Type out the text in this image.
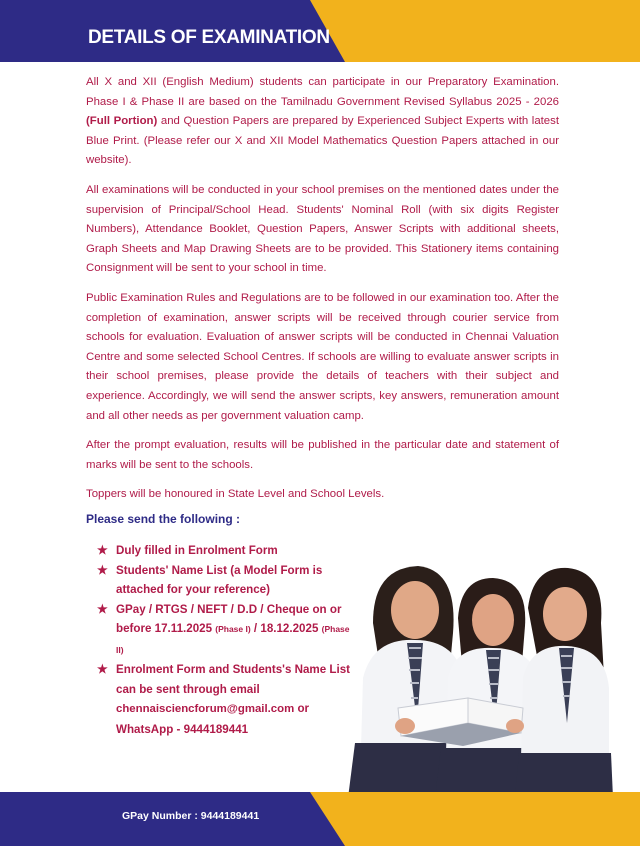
DETAILS OF EXAMINATION

All X and XII (English Medium) students can participate in our Preparatory Examination. Phase I & Phase II are based on the Tamilnadu Government Revised Syllabus 2025 - 2026 (Full Portion) and Question Papers are prepared by Experienced Subject Experts with latest Blue Print. (Please refer our X and XII Model Mathematics Question Papers attached in our website).

All examinations will be conducted in your school premises on the mentioned dates under the supervision of Principal/School Head. Students' Nominal Roll (with six digits Register Numbers), Attendance Booklet, Question Papers, Answer Scripts with additional sheets, Graph Sheets and Map Drawing Sheets are to be provided. This Stationery items containing Consignment will be sent to your school in time.

Public Examination Rules and Regulations are to be followed in our examination too. After the completion of examination, answer scripts will be received through courier service from schools for evaluation. Evaluation of answer scripts will be conducted in Chennai Valuation Centre and some selected School Centres. If schools are willing to evaluate answer scripts in their school premises, please provide the details of teachers with their subject and experience. Accordingly, we will send the answer scripts, key answers, remuneration amount and all other needs as per government valuation camp.

After the prompt evaluation, results will be published in the particular date and statement of marks will be sent to the schools.

Toppers will be honoured in State Level and School Levels.

Please send the following :
★ Duly filled in Enrolment Form
★ Students' Name List (a Model Form is attached for your reference)
★ GPay / RTGS / NEFT / D.D / Cheque on or before 17.11.2025 (Phase I) / 18.12.2025 (Phase II)
★ Enrolment Form and Students's Name List can be sent through email chennaisciencforum@gmail.com or WhatsApp - 9444189441

GPay Number : 9444189441
